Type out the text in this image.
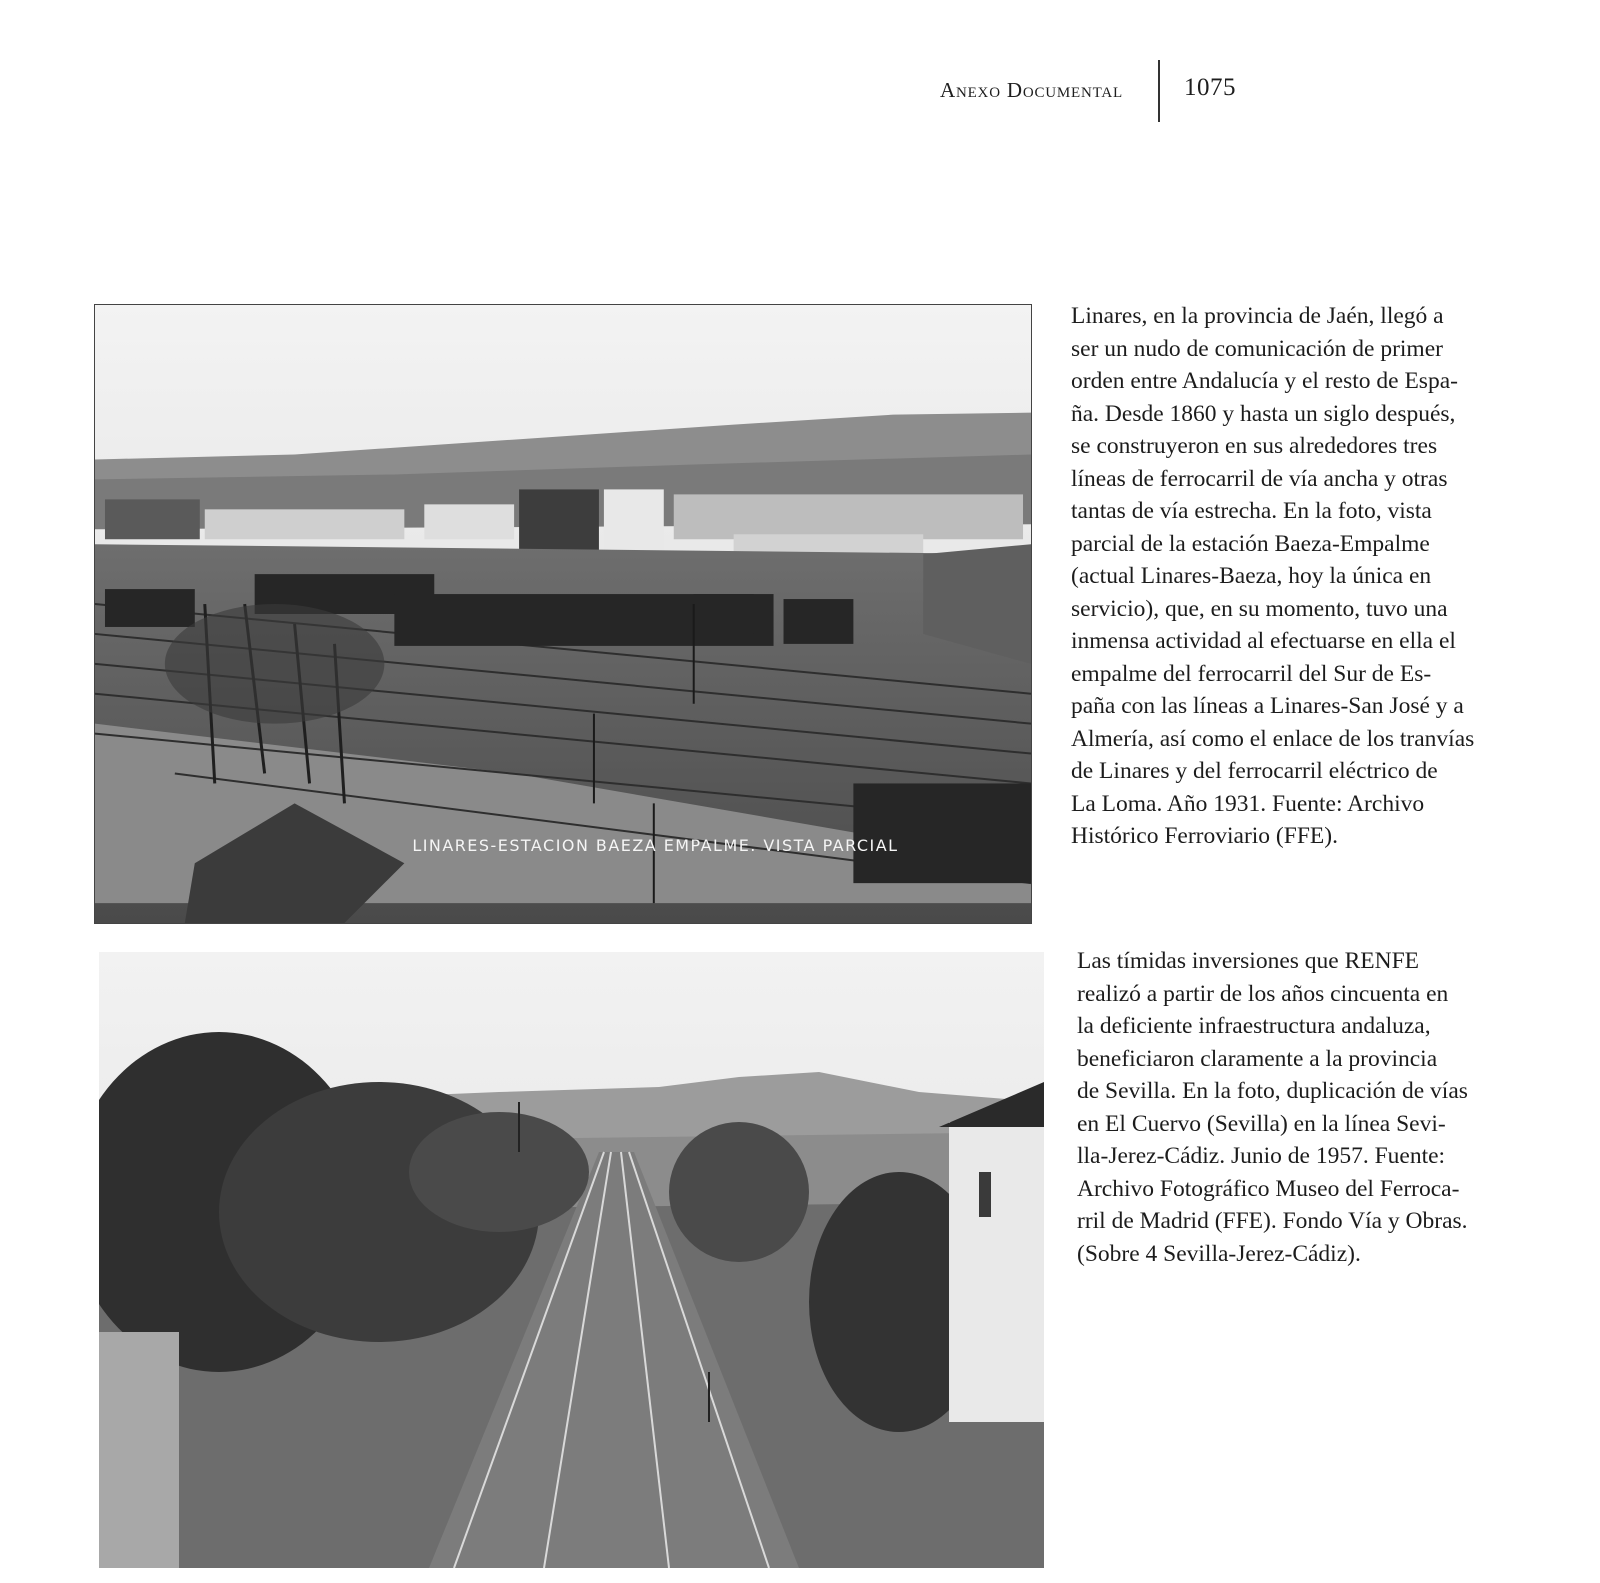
Anexo Documental 1075
LINARES-ESTACION BAEZA EMPALME. VISTA PARCIAL
Linares, en la provincia de Jaén, llegó a
ser un nudo de comunicación de primer
orden entre Andalucía y el resto de Espa-
ña. Desde 1860 y hasta un siglo después,
se construyeron en sus alrededores tres
líneas de ferrocarril de vía ancha y otras
tantas de vía estrecha. En la foto, vista
parcial de la estación Baeza-Empalme
(actual Linares-Baeza, hoy la única en
servicio), que, en su momento, tuvo una
inmensa actividad al efectuarse en ella el
empalme del ferrocarril del Sur de Es-
paña con las líneas a Linares-San José y a
Almería, así como el enlace de los tranvías
de Linares y del ferrocarril eléctrico de
La Loma. Año 1931. Fuente: Archivo
Histórico Ferroviario (FFE).
Las tímidas inversiones que RENFE
realizó a partir de los años cincuenta en
la deficiente infraestructura andaluza,
beneficiaron claramente a la provincia
de Sevilla. En la foto, duplicación de vías
en El Cuervo (Sevilla) en la línea Sevi-
lla-Jerez-Cádiz. Junio de 1957. Fuente:
Archivo Fotográfico Museo del Ferroca-
rril de Madrid (FFE). Fondo Vía y Obras.
(Sobre 4 Sevilla-Jerez-Cádiz).
